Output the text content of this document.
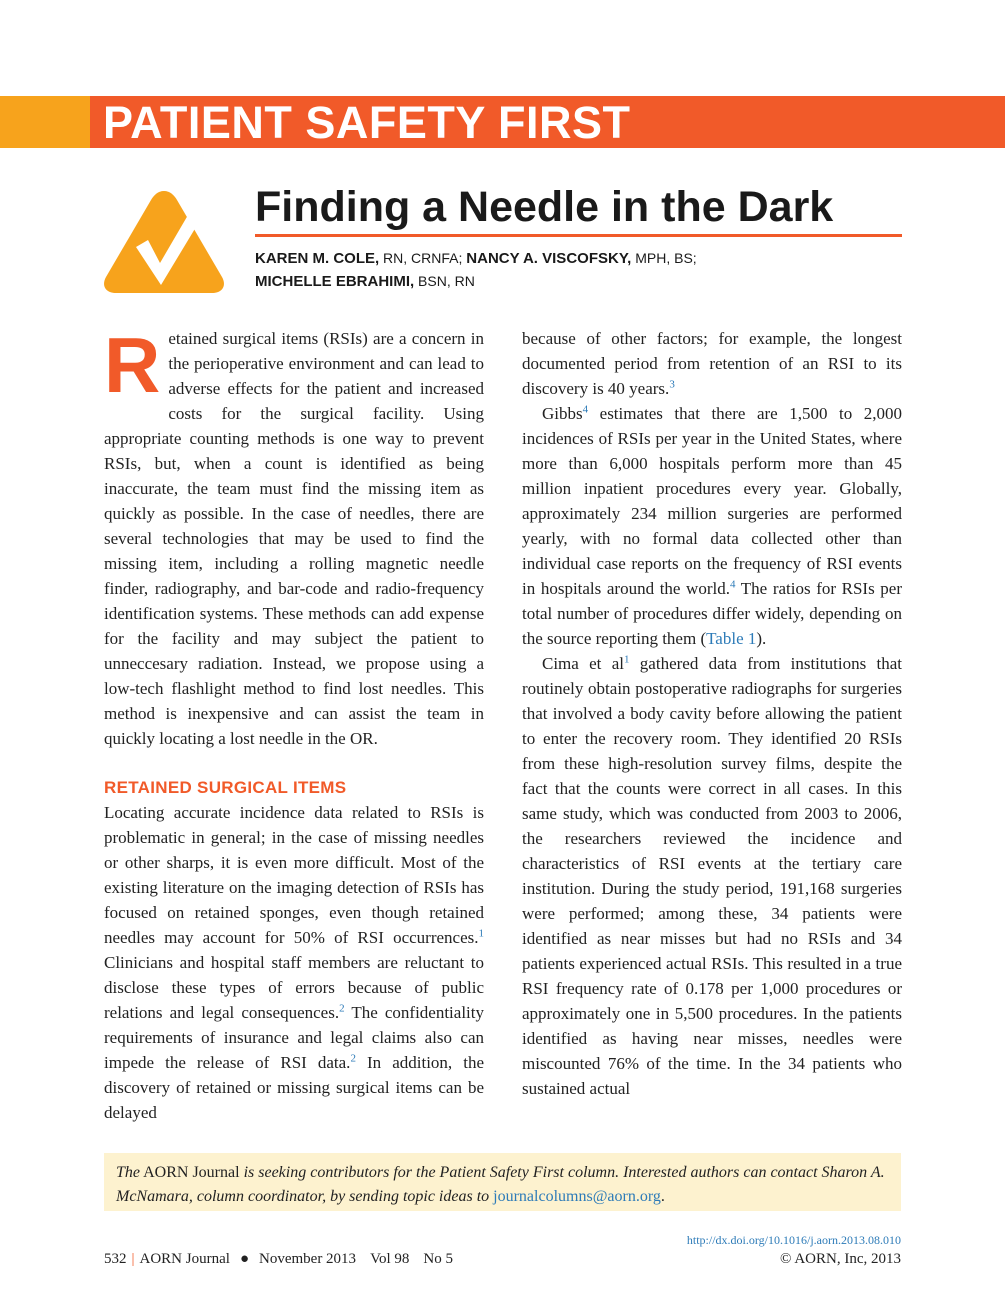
PATIENT SAFETY FIRST
Finding a Needle in the Dark
KAREN M. COLE, RN, CRNFA; NANCY A. VISCOFSKY, MPH, BS;
MICHELLE EBRAHIMI, BSN, RN

Retained surgical items (RSIs) are a concern in the perioperative environment and can lead to adverse effects for the patient and increased costs for the surgical facility. Using appropriate counting methods is one way to prevent RSIs, but, when a count is identified as being inaccurate, the team must find the missing item as quickly as possible. In the case of needles, there are several technologies that may be used to find the missing item, including a rolling magnetic needle finder, radiography, and bar-code and radio-frequency identification systems. These methods can add expense for the facility and may subject the patient to unneccesary radiation. Instead, we propose using a low-tech flashlight method to find lost needles. This method is inexpensive and can assist the team in quickly locating a lost needle in the OR.

RETAINED SURGICAL ITEMS

Locating accurate incidence data related to RSIs is problematic in general; in the case of missing needles or other sharps, it is even more difficult. Most of the existing literature on the imaging detection of RSIs has focused on retained sponges, even though retained needles may account for 50% of RSI occurrences.$^1$ Clinicians and hospital staff members are reluctant to disclose these types of errors because of public relations and legal consequences.$^2$ The confidentiality requirements of insurance and legal claims also can impede the release of RSI data.$^2$ In addition, the discovery of retained or missing surgical items can be delayed

because of other factors; for example, the longest documented period from retention of an RSI to its discovery is 40 years.$^3$

Gibbs$^4$ estimates that there are 1,500 to 2,000 incidences of RSIs per year in the United States, where more than 6,000 hospitals perform more than 45 million inpatient procedures every year. Globally, approximately 234 million surgeries are performed yearly, with no formal data collected other than individual case reports on the frequency of RSI events in hospitals around the world.$^4$ The ratios for RSIs per total number of procedures differ widely, depending on the source reporting them (Table 1).

Cima et al$^1$ gathered data from institutions that routinely obtain postoperative radiographs for surgeries that involved a body cavity before allowing the patient to enter the recovery room. They identified 20 RSIs from these high-resolution survey films, despite the fact that the counts were correct in all cases. In this same study, which was conducted from 2003 to 2006, the researchers reviewed the incidence and characteristics of RSI events at the tertiary care institution. During the study period, 191,168 surgeries were performed; among these, 34 patients were identified as near misses but had no RSIs and 34 patients experienced actual RSIs. This resulted in a true RSI frequency rate of 0.178 per 1,000 procedures or approximately one in 5,500 procedures. In the patients identified as having near misses, needles were miscounted 76% of the time. In the 34 patients who sustained actual

The AORN Journal is seeking contributors for the Patient Safety First column. Interested authors can contact Sharon A. McNamara, column coordinator, by sending topic ideas to journalcolumns@aorn.org.
http://dx.doi.org/10.1016/j.aorn.2013.08.010
532 | AORN Journal ● November 2013 Vol 98 No 5	© AORN, Inc, 2013
